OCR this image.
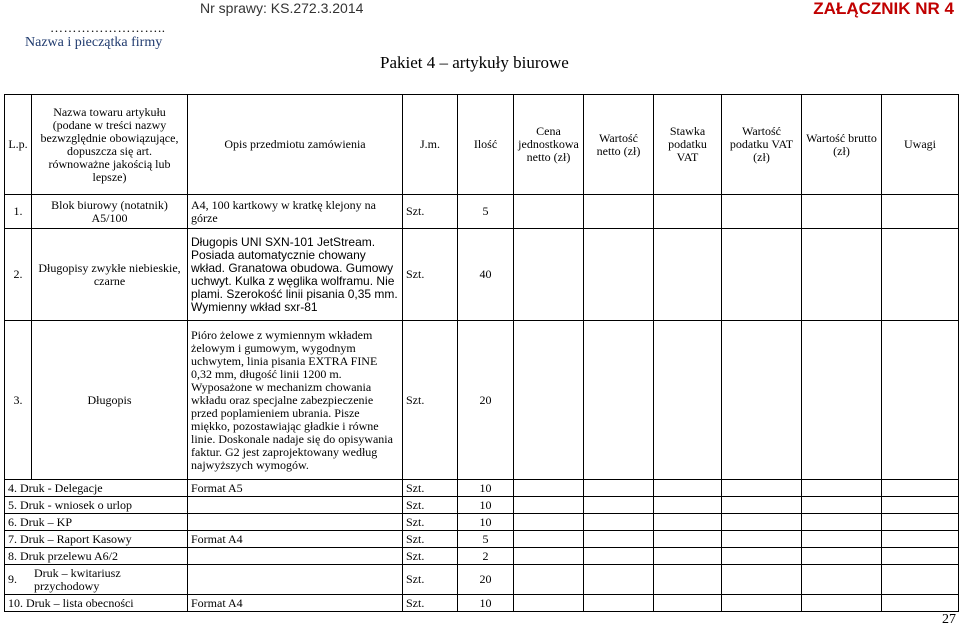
Nr sprawy: KS.272.3.2014	ZAŁĄCZNIK NR 4
……………………..
Nazwa i pieczątka firmy
Pakiet 4 – artykuły biurowe
L.p.	Nazwa towaru artykułu (podane w treści nazwy bezwzględnie obowiązujące, dopuszcza się art. równoważne jakością lub lepsze)	Opis przedmiotu zamówienia	J.m.	Ilość	Cena jednostkowa netto (zł)	Wartość netto (zł)	Stawka podatku VAT	Wartość podatku VAT (zł)	Wartość brutto (zł)	Uwagi
1.	Blok biurowy (notatnik) A5/100	A4, 100 kartkowy w kratkę klejony na górze	Szt.	5						
2.	Długopisy zwykłe niebieskie, czarne	Długopis UNI SXN-101 JetStream. Posiada automatycznie chowany wkład. Granatowa obudowa. Gumowy uchwyt. Kulka z węglika wolframu. Nie plami. Szerokość linii pisania 0,35 mm. Wymienny wkład sxr-81	Szt.	40						
3.	Długopis	Pióro żelowe z wymiennym wkładem żelowym i gumowym, wygodnym uchwytem, linia pisania EXTRA FINE 0,32 mm, długość linii 1200 m. Wyposażone w mechanizm chowania wkładu oraz specjalne zabezpieczenie przed poplamieniem ubrania. Pisze miękko, pozostawiając gładkie i równe linie. Doskonale nadaje się do opisywania faktur. G2 jest zaprojektowany według najwyższych wymogów.	Szt.	20						
4. Druk - Delegacje		Format A5	Szt.	10						
5. Druk - wniosek o urlop			Szt.	10						
6. Druk – KP			Szt.	10						
7. Druk – Raport Kasowy		Format A4	Szt.	5						
8. Druk przelewu A6/2			Szt.	2						

9. Druk – kwitariusz przychodowy			Szt.	20						
10. Druk – lista obecności		Format A4	Szt.	10						
27
